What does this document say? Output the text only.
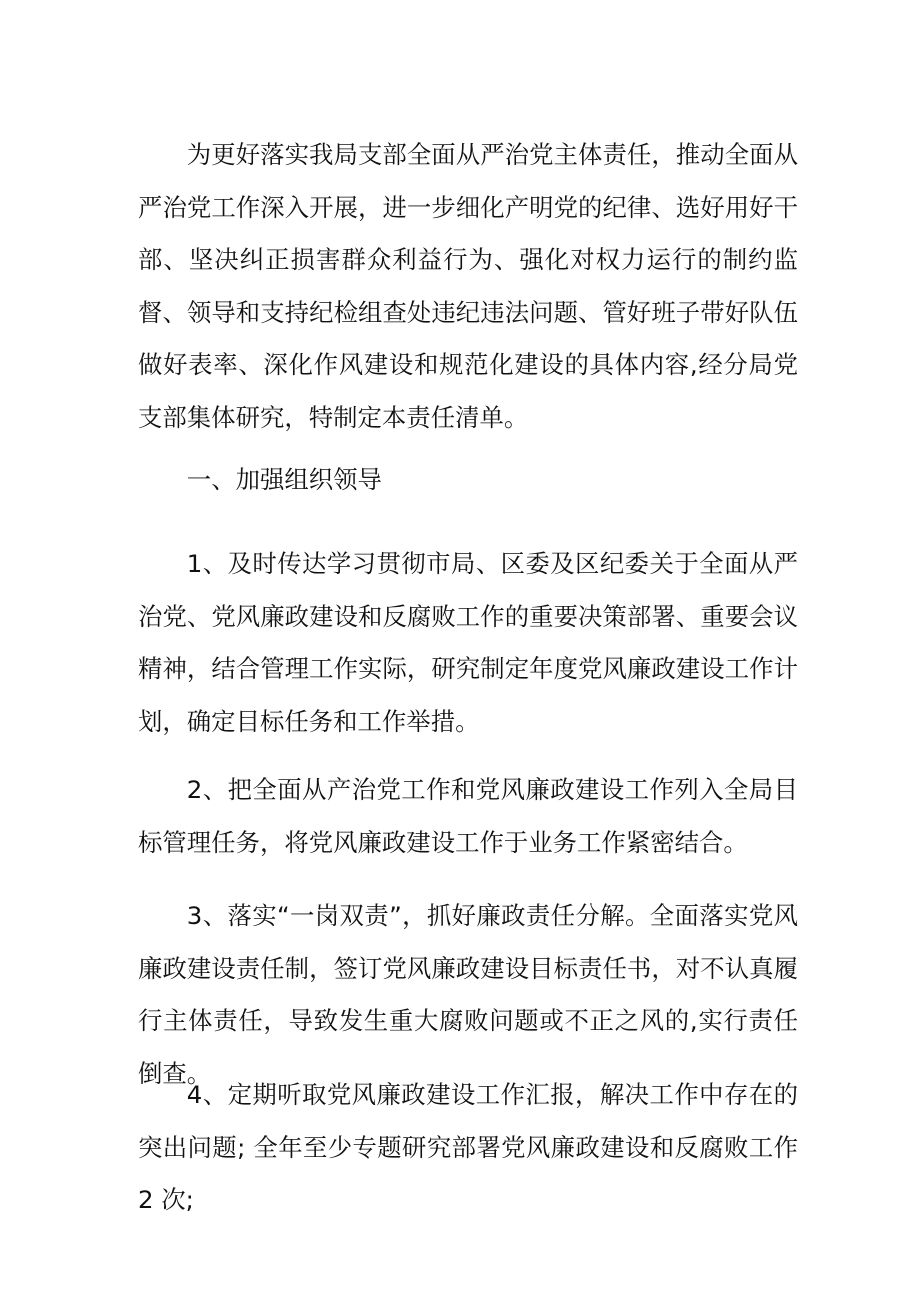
为更好落实我局支部全面从严治党主体责任，推动全面从严治党工作深入开展，进一步细化产明党的纪律、选好用好干部、坚决纠正损害群众利益行为、强化对权力运行的制约监督、领导和支持纪检组查处违纪违法问题、管好班子带好队伍做好表率、深化作风建设和规范化建设的具体内容,经分局党支部集体研究，特制定本责任清单。

一、加强组织领导

1、及时传达学习贯彻市局、区委及区纪委关于全面从严治党、党风廉政建设和反腐败工作的重要决策部署、重要会议精神，结合管理工作实际，研究制定年度党风廉政建设工作计划，确定目标任务和工作举措。

2、把全面从产治党工作和党风廉政建设工作列入全局目标管理任务，将党风廉政建设工作于业务工作紧密结合。

3、落实“一岗双责”，抓好廉政责任分解。全面落实党风廉政建设责任制，签订党风廉政建设目标责任书，对不认真履行主体责任，导致发生重大腐败问题或不正之风的,实行责任倒查。

4、定期听取党风廉政建设工作汇报，解决工作中存在的突出问题; 全年至少专题研究部署党风廉政建设和反腐败工作 2 次;
